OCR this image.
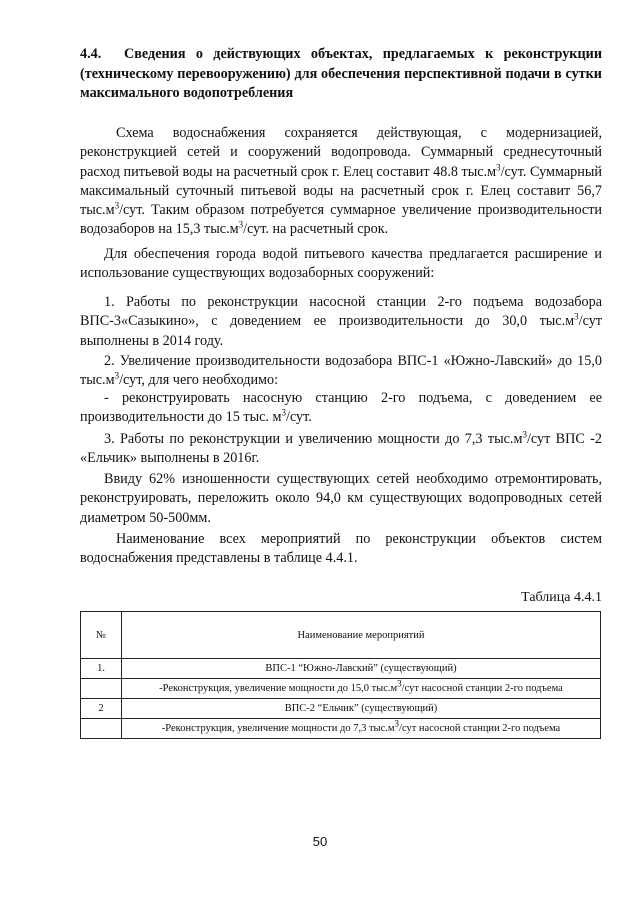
4.4. Сведения о действующих объектах, предлагаемых к реконструкции (техническому перевооружению) для обеспечения перспективной подачи в сутки максимального водопотребления
Схема водоснабжения сохраняется действующая, с модернизацией, реконструкцией сетей и сооружений водопровода. Суммарный среднесуточный расход питьевой воды на расчетный срок г. Елец составит 48.8 $тыс.м^3$/сут. Суммарный максимальный суточный питьевой воды на расчетный срок г. Елец составит 56,7 $тыс.м^3$/сут. Таким образом потребуется суммарное увеличение производительности водозаборов на 15,3 $тыс.м^3$/сут. на расчетный срок.
Для обеспечения города водой питьевого качества предлагается расширение и использование существующих водозаборных сооружений:
1. Работы по реконструкции насосной станции 2-го подъема водозабора ВПС-3«Сазыкино», с доведением ее производительности до 30,0 $тыс.м^3$/сут выполнены в 2014 году.
2. Увеличение производительности водозабора ВПС-1 «Южно-Лавский» до 15,0 $тыс.м^3$/сут, для чего необходимо:
- реконструировать насосную станцию 2-го подъема, с доведением ее производительности до 15 тыс. $м^3$/сут.
3. Работы по реконструкции и увеличению мощности до 7,3 $тыс.м^3$/сут ВПС -2 «Ельчик» выполнены в 2016г.
Ввиду 62% изношенности существующих сетей необходимо отремонтировать, реконструировать, переложить около 94,0 км существующих водопроводных сетей диаметром 50-500мм.
Наименование всех мероприятий по реконструкции объектов систем водоснабжения представлены в таблице 4.4.1.
Таблица 4.4.1
№	Наименование мероприятий
1.	ВПС-1 “Южно-Лавский” (существующий)
	-Реконструкция, увеличение мощности до 15,0 $тыс.м^3$/сут насосной станции 2-го подъема
2	ВПС-2 “Ельчик” (существующий)
	-Реконструкция, увеличение мощности до 7,3 $тыс.м^3$/сут насосной станции 2-го подъема
50
